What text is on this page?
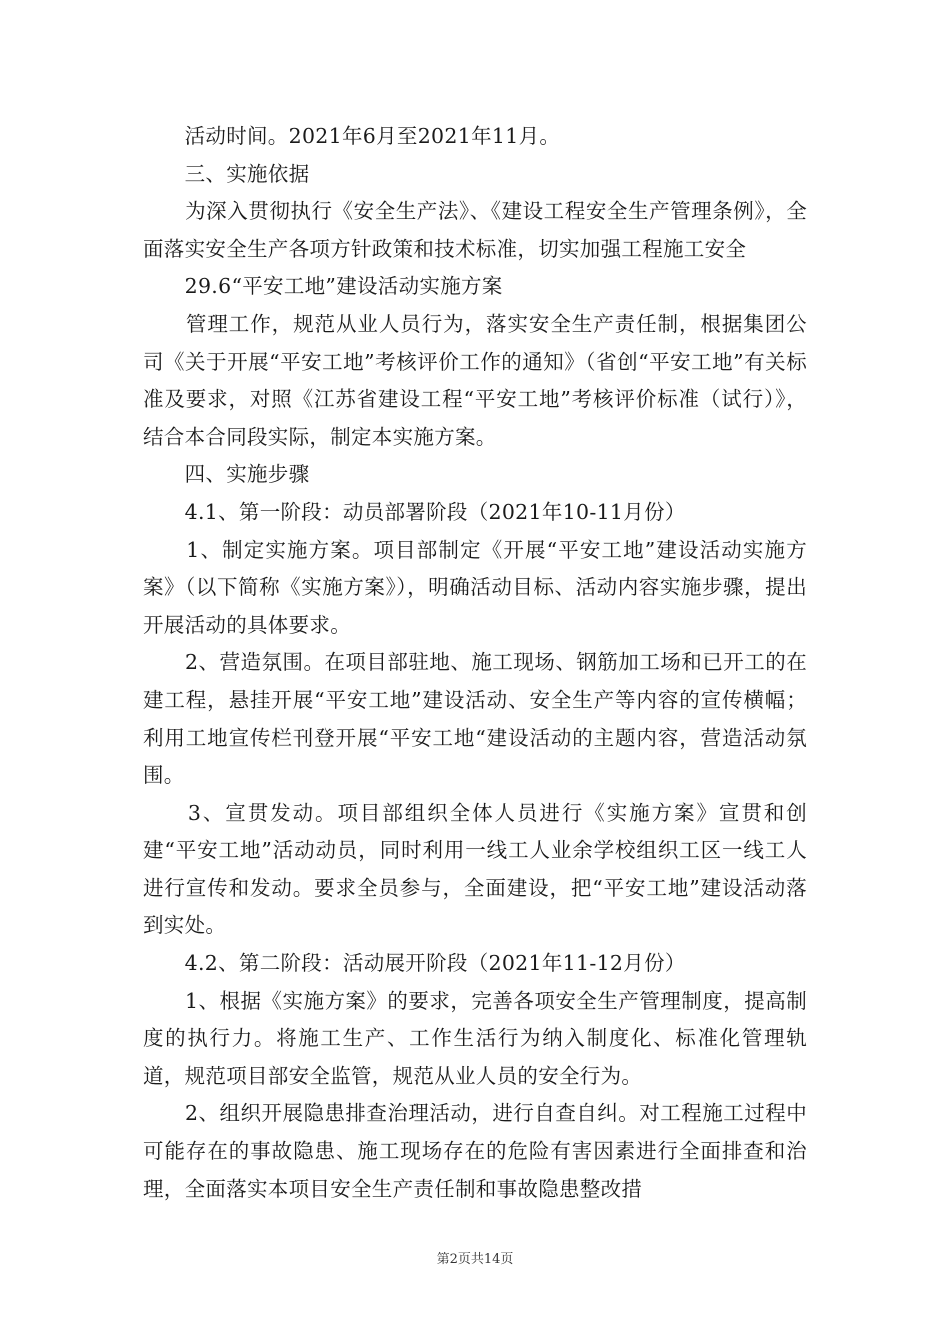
　　活动时间。2021年6月至2021年11月。

　　三、实施依据

　　为深入贯彻执行《安全生产法》、《建设工程安全生产管理条例》，全面落实安全生产各项方针政策和技术标准，切实加强工程施工安全

　　29.6“平安工地”建设活动实施方案

　　管理工作，规范从业人员行为，落实安全生产责任制，根据集团公司《关于开展“平安工地”考核评价工作的通知》（省创“平安工地”有关标准及要求，对照《江苏省建设工程“平安工地”考核评价标准（试行）》，结合本合同段实际，制定本实施方案。

　　四、实施步骤

　　4.1、第一阶段：动员部署阶段（2021年10-11月份）

　　1、制定实施方案。项目部制定《开展“平安工地”建设活动实施方案》（以下简称《实施方案》），明确活动目标、活动内容实施步骤，提出开展活动的具体要求。

　　2、营造氛围。在项目部驻地、施工现场、钢筋加工场和已开工的在建工程，悬挂开展“平安工地”建设活动、安全生产等内容的宣传横幅；利用工地宣传栏刊登开展“平安工地“建设活动的主题内容，营造活动氛围。

　　3、宣贯发动。项目部组织全体人员进行《实施方案》宣贯和创建“平安工地”活动动员，同时利用一线工人业余学校组织工区一线工人进行宣传和发动。要求全员参与，全面建设，把“平安工地”建设活动落到实处。

　　4.2、第二阶段：活动展开阶段（2021年11-12月份）

　　1、根据《实施方案》的要求，完善各项安全生产管理制度，提高制度的执行力。将施工生产、工作生活行为纳入制度化、标准化管理轨道，规范项目部安全监管，规范从业人员的安全行为。

　　2、组织开展隐患排查治理活动，进行自查自纠。对工程施工过程中可能存在的事故隐患、施工现场存在的危险有害因素进行全面排查和治理，全面落实本项目安全生产责任制和事故隐患整改措

第2页共14页
